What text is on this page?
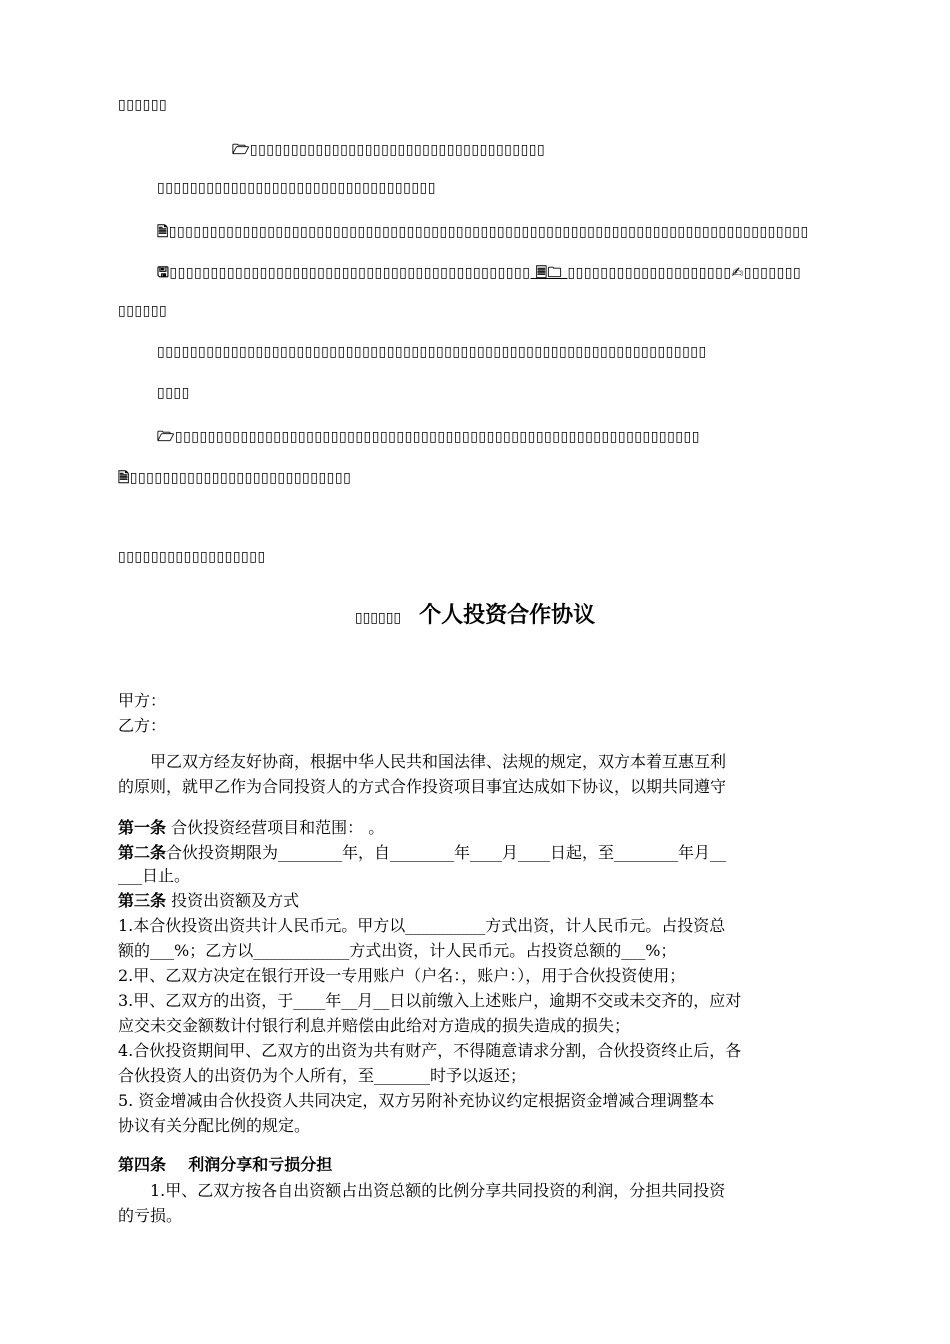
▯▯▯▯▯▯
🗁▯▯▯▯▯▯▯▯▯▯▯▯▯▯▯▯▯▯▯▯▯▯▯▯▯▯▯▯▯▯▯▯▯▯▯▯
▯▯▯▯▯▯▯▯▯▯▯▯▯▯▯▯▯▯▯▯▯▯▯▯▯▯▯▯▯▯▯▯▯▯
🗎▯▯▯▯▯▯▯▯▯▯▯▯▯▯▯▯▯▯▯▯▯▯▯▯▯▯▯▯▯▯▯▯▯▯▯▯▯▯▯▯▯▯▯▯▯▯▯▯▯▯▯▯▯▯▯▯▯▯▯▯▯▯▯▯▯▯▯▯▯▯▯▯▯▯▯▯▯▯
🖫▯▯▯▯▯▯▯▯▯▯▯▯▯▯▯▯▯▯▯▯▯▯▯▯▯▯▯▯▯▯▯▯▯▯▯▯▯▯▯▯▯▯▯▯ 🗏🗀 ▯▯▯▯▯▯▯▯▯▯▯▯▯▯▯▯▯▯▯▯✍▯▯▯▯▯▯▯
▯▯▯▯▯▯
▯▯▯▯▯▯▯▯▯▯▯▯▯▯▯▯▯▯▯▯▯▯▯▯▯▯▯▯▯▯▯▯▯▯▯▯▯▯▯▯▯▯▯▯▯▯▯▯▯▯▯▯▯▯▯▯▯▯▯▯▯▯▯▯▯▯▯
▯▯▯▯
🗁▯▯▯▯▯▯▯▯▯▯▯▯▯▯▯▯▯▯▯▯▯▯▯▯▯▯▯▯▯▯▯▯▯▯▯▯▯▯▯▯▯▯▯▯▯▯▯▯▯▯▯▯▯▯▯▯▯▯▯▯▯▯▯▯
🗎▯▯▯▯▯▯▯▯▯▯▯▯▯▯▯▯▯▯▯▯▯▯▯▯▯▯▯
▯▯▯▯▯▯▯▯▯▯▯▯▯▯▯▯▯▯
▯▯▯▯▯▯ 个人投资合作协议
甲方：
乙方：
甲乙双方经友好协商，根据中华人民共和国法律、法规的规定，双方本着互惠互利
的原则，就甲乙作为合同投资人的方式合作投资项目事宜达成如下协议，以期共同遵守
第一条 合伙投资经营项目和范围： 。
第二条合伙投资期限为________年，自________年____月____日起，至________年月__
___日止。
第三条 投资出资额及方式
1.本合伙投资出资共计人民币元。甲方以__________方式出资，计人民币元。占投资总
额的___%；乙方以____________方式出资，计人民币元。占投资总额的___%；
2.甲、乙双方决定在银行开设一专用账户（户名：，账户：），用于合伙投资使用；
3.甲、乙双方的出资，于____年__月__日以前缴入上述账户，逾期不交或未交齐的，应对
应交未交金额数计付银行利息并赔偿由此给对方造成的损失造成的损失；
4.合伙投资期间甲、乙双方的出资为共有财产，不得随意请求分割，合伙投资终止后，各
合伙投资人的出资仍为个人所有，至_______时予以返还；
5. 资金增减由合伙投资人共同决定，双方另附补充协议约定根据资金增减合理调整本
协议有关分配比例的规定。
第四条    利润分享和亏损分担
1.甲、乙双方按各自出资额占出资总额的比例分享共同投资的利润，分担共同投资
的亏损。
